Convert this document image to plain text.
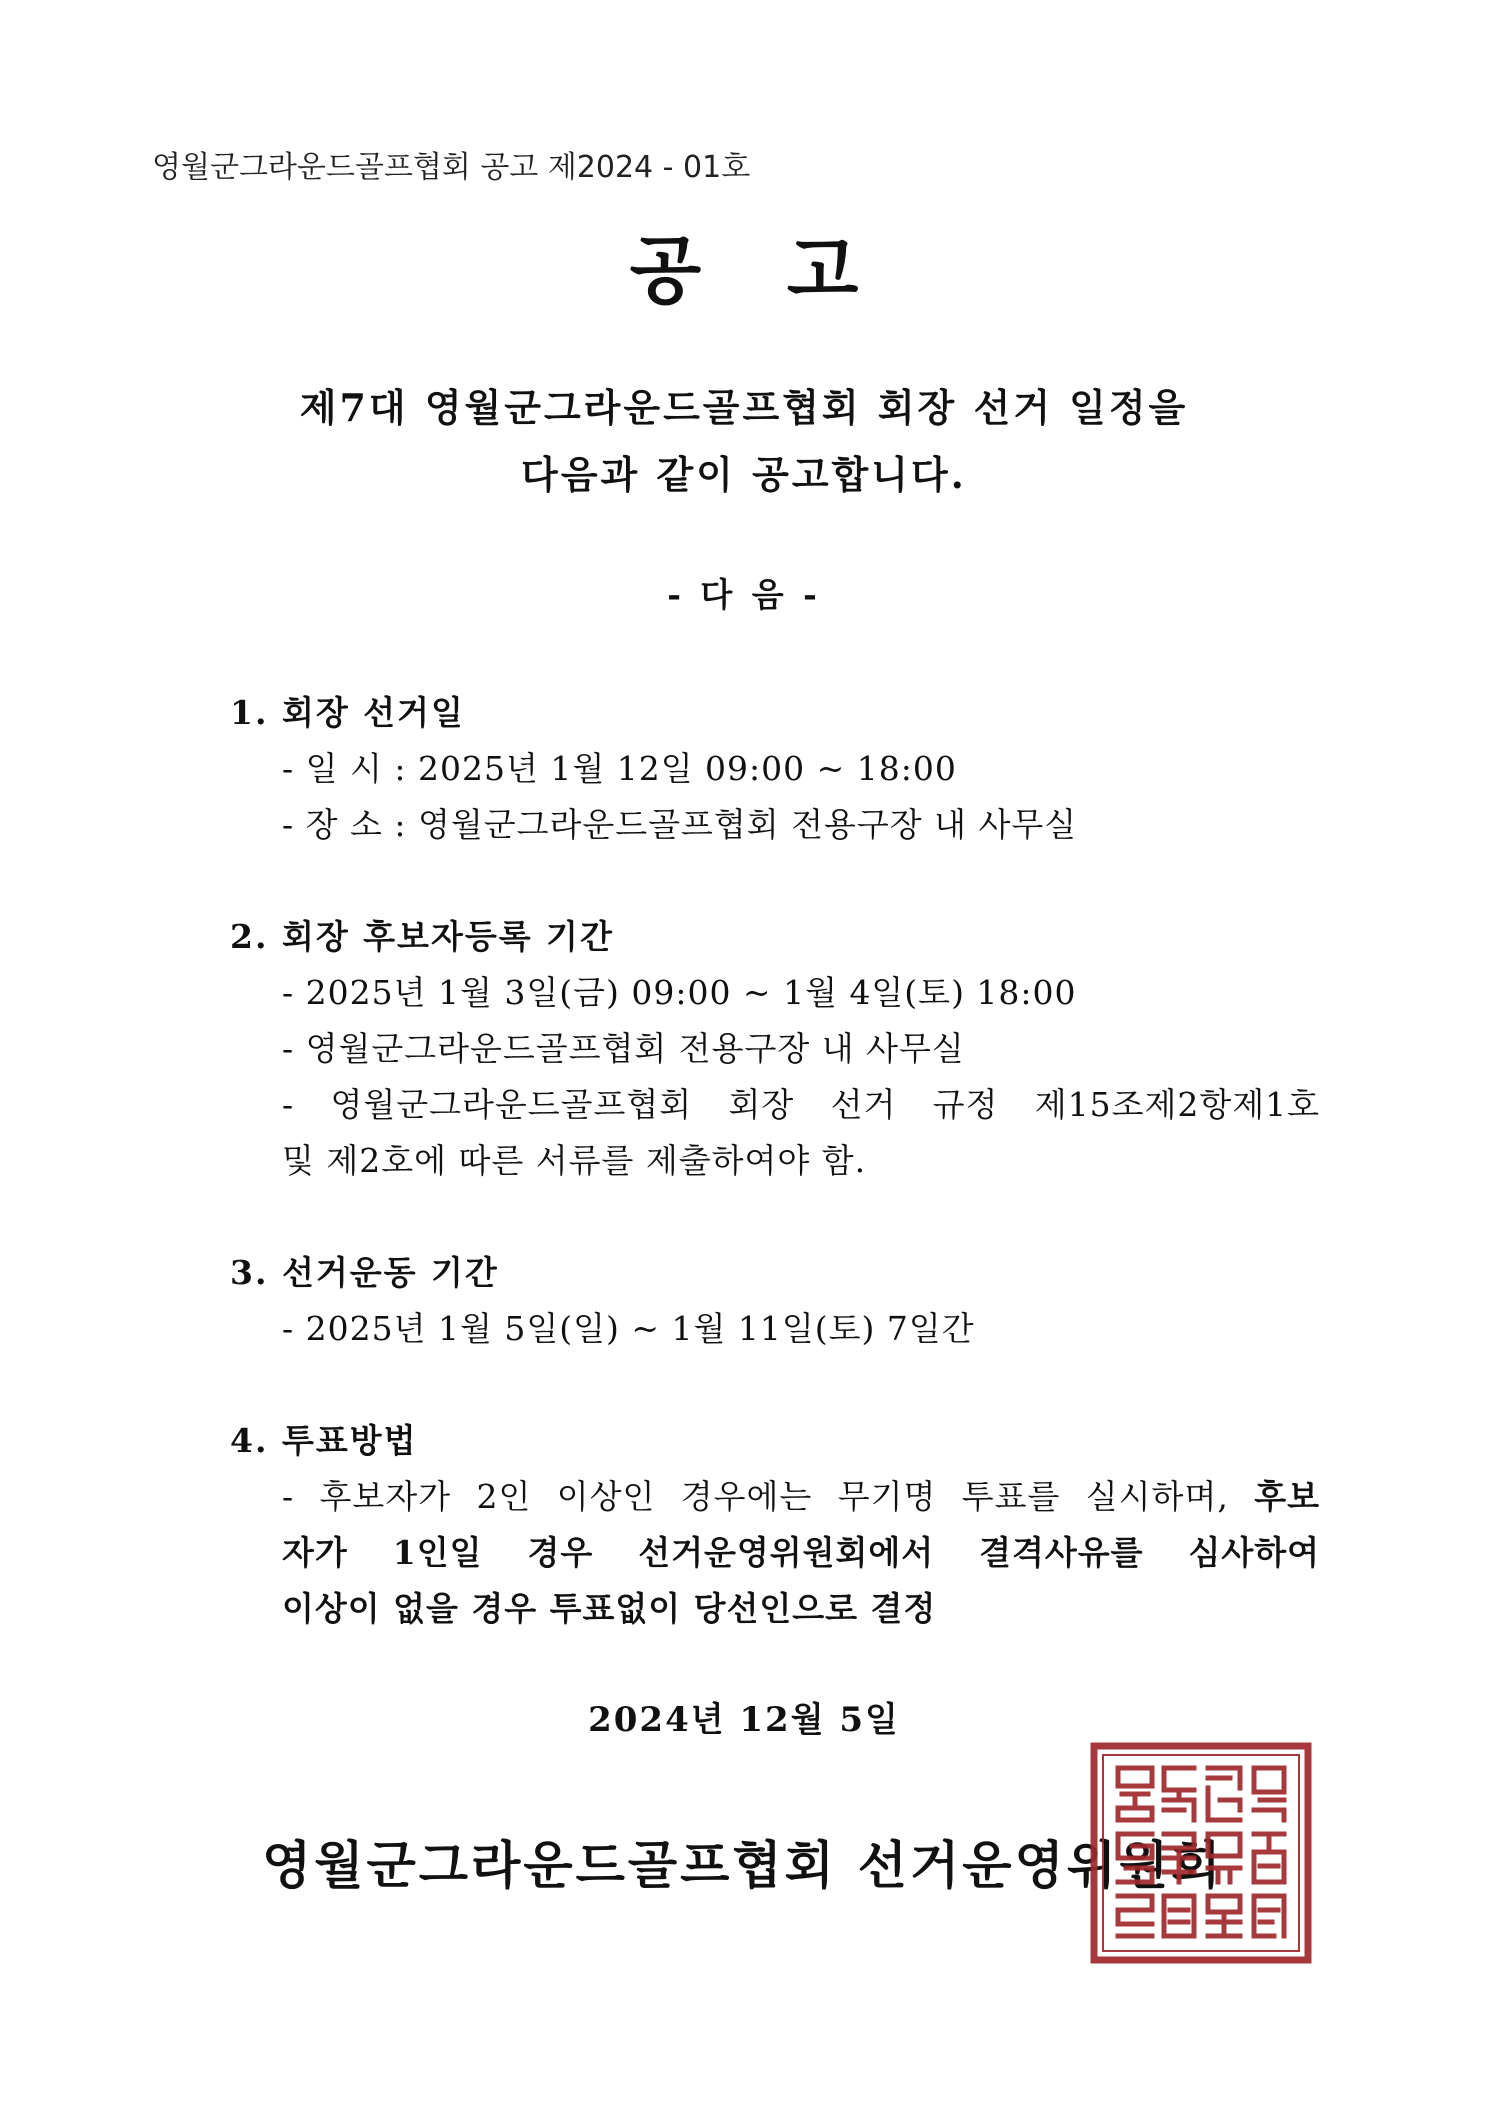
영월군그라운드골프협회 공고 제2024 - 01호
공 고
제7대 영월군그라운드골프협회 회장 선거 일정을
다음과 같이 공고합니다.
- 다 음 -
1. 회장 선거일
- 일 시 : 2025년 1월 12일 09:00 ~ 18:00
- 장 소 : 영월군그라운드골프협회 전용구장 내 사무실
2. 회장 후보자등록 기간
- 2025년 1월 3일(금) 09:00 ~ 1월 4일(토) 18:00
- 영월군그라운드골프협회 전용구장 내 사무실
- 영월군그라운드골프협회 회장 선거 규정 제15조제2항제1호
및 제2호에 따른 서류를 제출하여야 함.
3. 선거운동 기간
- 2025년 1월 5일(일) ~ 1월 11일(토) 7일간
4. 투표방법
- 후보자가 2인 이상인 경우에는 무기명 투표를 실시하며, 후보
자가 1인일 경우 선거운영위원회에서 결격사유를 심사하여
이상이 없을 경우 투표없이 당선인으로 결정
2024년 12월 5일
영월군그라운드골프협회 선거운영위원회
